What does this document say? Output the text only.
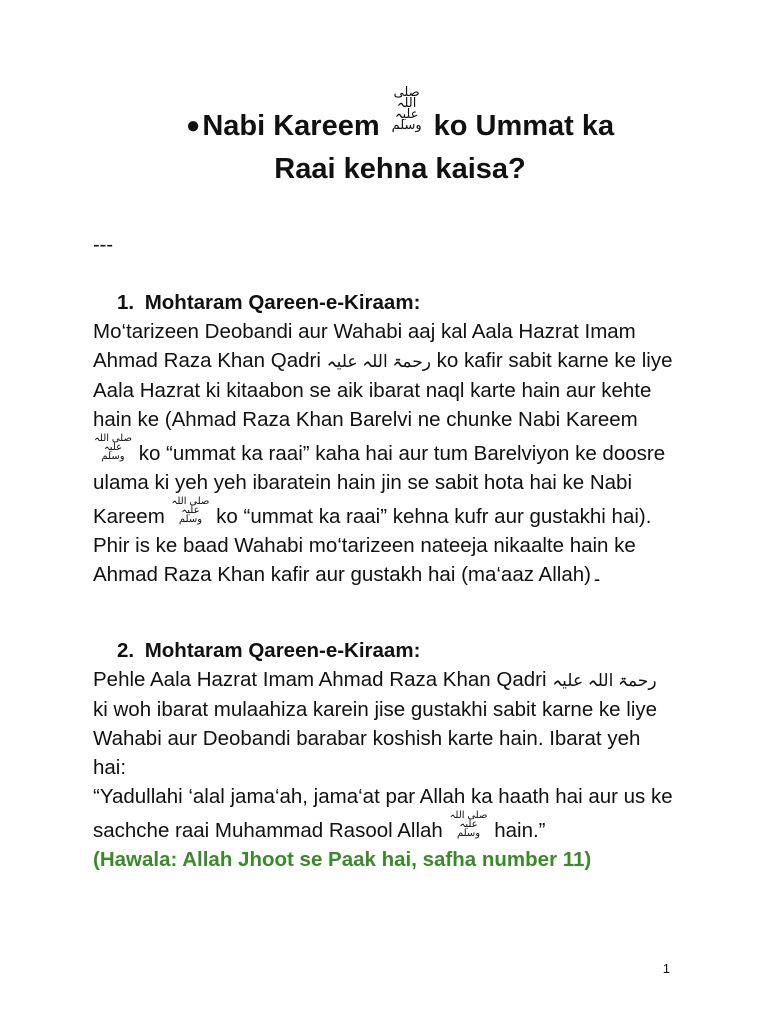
●Nabi Kareemصلی اللہ علیہ وسلم ko Ummat ka
Raai kehna kaisa?
---
1. Mohtaram Qareen-e-Kiraam:

Mo‘tarizeen Deobandi aur Wahabi aaj kal Aala Hazrat Imam Ahmad Raza Khan Qadri رحمۃ اللہ علیہ ko kafir sabit karne ke liye Aala Hazrat ki kitaabon se aik ibarat naql karte hain aur kehte hain ke (Ahmad Raza Khan Barelvi ne chunke Nabi Kareem صلی اللہ علیہ وسلم ko “ummat ka raai” kaha hai aur tum Barelviyon ke doosre ulama ki yeh yeh ibaratein hain jin se sabit hota hai ke Nabi Kareem صلی اللہ علیہ وسلم ko “ummat ka raai” kehna kufr aur gustakhi hai). Phir is ke baad Wahabi mo‘tarizeen nateeja nikaalte hain ke Ahmad Raza Khan kafir aur gustakh hai (ma‘aaz Allah)۔

2. Mohtaram Qareen-e-Kiraam:

Pehle Aala Hazrat Imam Ahmad Raza Khan Qadri رحمۃ اللہ علیہ ki woh ibarat mulaahiza karein jise gustakhi sabit karne ke liye Wahabi aur Deobandi barabar koshish karte hain. Ibarat yeh hai:

“Yadullahi ‘alal jama‘ah, jama‘at par Allah ka haath hai aur us ke sachche raai Muhammad Rasool Allah صلی اللہ علیہ وسلم hain.”

(Hawala: Allah Jhoot se Paak hai, safha number 11)

1
